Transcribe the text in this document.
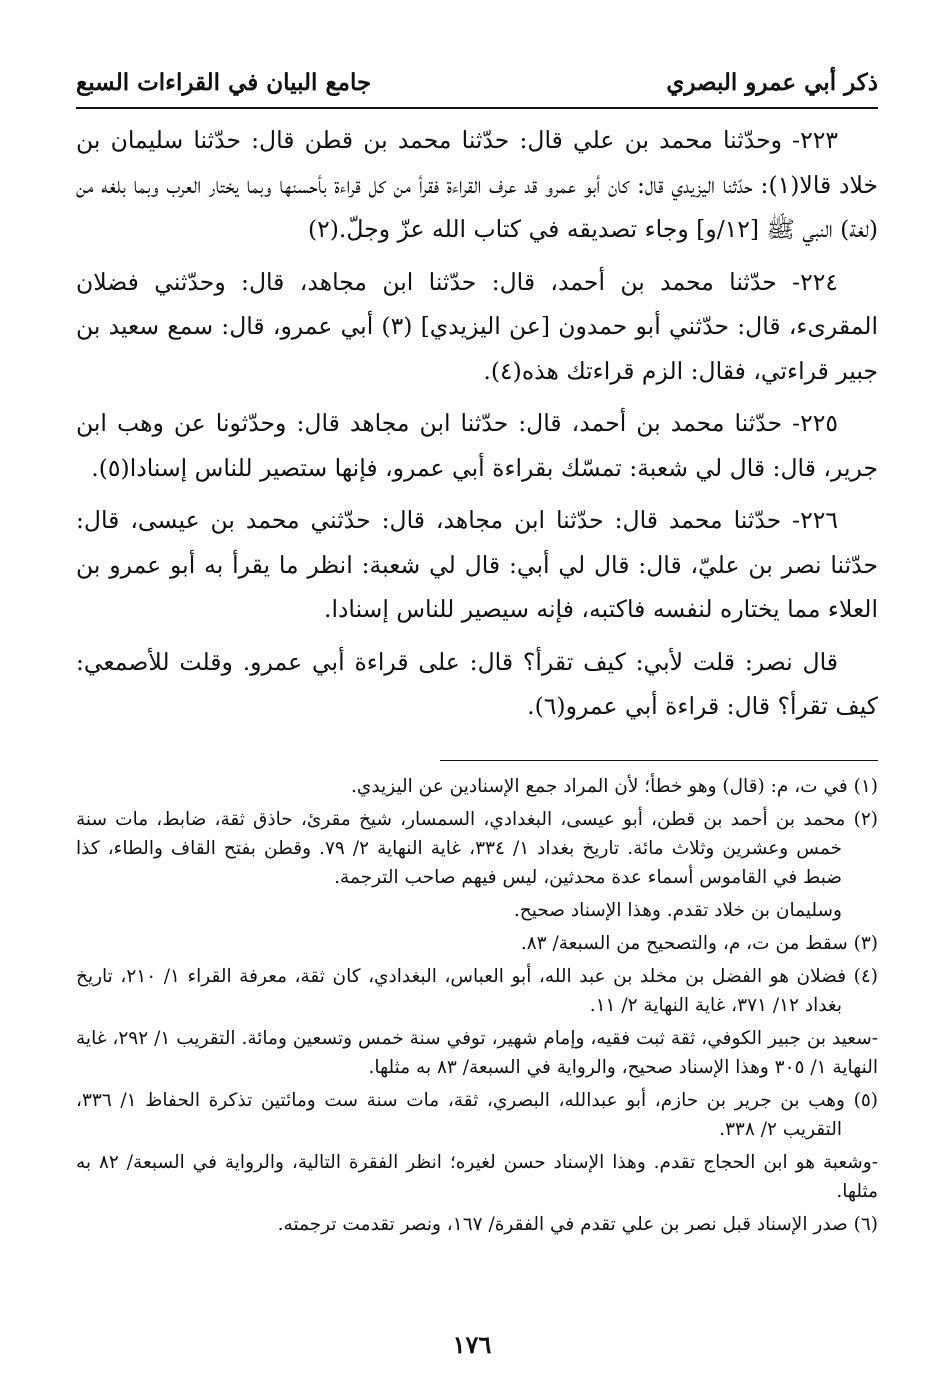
ذكر أبي عمرو البصري
جامع البيان في القراءات السبع

٢٢٣- وحدّثنا محمد بن علي قال: حدّثنا محمد بن قطن قال: حدّثنا سليمان بن خلاد قالا(١): حدّثنا اليزيدي قال: كان أبو عمرو قد عرف القراءة فقرأ من كل قراءة بأحسنها وبما يختار العرب وبما بلغه من (لغة) النبي ﷺ [١٢/و] وجاء تصديقه في كتاب الله عزّ وجلّ.(٢)

٢٢٤- حدّثنا محمد بن أحمد، قال: حدّثنا ابن مجاهد، قال: وحدّثني فضلان المقرىء، قال: حدّثني أبو حمدون [عن اليزيدي] (٣) أبي عمرو، قال: سمع سعيد بن جبير قراءتي، فقال: الزم قراءتك هذه(٤).

٢٢٥- حدّثنا محمد بن أحمد، قال: حدّثنا ابن مجاهد قال: وحدّثونا عن وهب ابن جرير، قال: قال لي شعبة: تمسّك بقراءة أبي عمرو، فإنها ستصير للناس إسنادا(٥).

٢٢٦- حدّثنا محمد قال: حدّثنا ابن مجاهد، قال: حدّثني محمد بن عيسى، قال: حدّثنا نصر بن عليّ، قال: قال لي أبي: قال لي شعبة: انظر ما يقرأ به أبو عمرو بن العلاء مما يختاره لنفسه فاكتبه، فإنه سيصير للناس إسنادا.

قال نصر: قلت لأبي: كيف تقرأ؟ قال: على قراءة أبي عمرو. وقلت للأصمعي: كيف تقرأ؟ قال: قراءة أبي عمرو(٦).

(١) في ت، م: (قال) وهو خطأ؛ لأن المراد جمع الإسنادين عن اليزيدي.

(٢) محمد بن أحمد بن قطن، أبو عيسى، البغدادي، السمسار، شيخ مقرئ، حاذق ثقة، ضابط، مات سنة خمس وعشرين وثلاث مائة. تاريخ بغداد ١/ ٣٣٤، غاية النهاية ٢/ ٧٩. وقطن بفتح القاف والطاء، كذا ضبط في القاموس أسماء عدة محدثين، ليس فيهم صاحب الترجمة.

وسليمان بن خلاد تقدم. وهذا الإسناد صحيح.

(٣) سقط من ت، م، والتصحيح من السبعة/ ٨٣.

(٤) فضلان هو الفضل بن مخلد بن عبد الله، أبو العباس، البغدادي، كان ثقة، معرفة القراء ١/ ٢١٠، تاريخ بغداد ١٢/ ٣٧١، غاية النهاية ٢/ ١١.

-سعيد بن جبير الكوفي، ثقة ثبت فقيه، وإمام شهير، توفي سنة خمس وتسعين ومائة. التقريب ١/ ٢٩٢، غاية النهاية ١/ ٣٠٥ وهذا الإسناد صحيح، والرواية في السبعة/ ٨٣ به مثلها.

(٥) وهب بن جرير بن حازم، أبو عبدالله، البصري، ثقة، مات سنة ست ومائتين تذكرة الحفاظ ١/ ٣٣٦، التقريب ٢/ ٣٣٨.

-وشعبة هو ابن الحجاج تقدم. وهذا الإسناد حسن لغيره؛ انظر الفقرة التالية، والرواية في السبعة/ ٨٢ به مثلها.

(٦) صدر الإسناد قبل نصر بن علي تقدم في الفقرة/ ١٦٧، ونصر تقدمت ترجمته.

١٧٦
